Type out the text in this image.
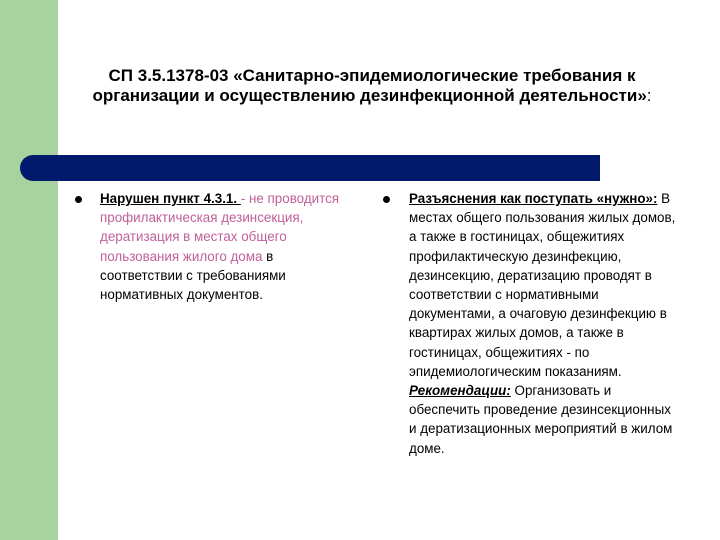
СП 3.5.1378-03 «Санитарно-эпидемиологические требования к организации и осуществлению дезинфекционной деятельности»:
Нарушен пункт 4.3.1. - не проводится профилактическая дезинсекция, дератизация в местах общего пользования жилого дома в соответствии с требованиями нормативных документов.
Разъяснения как поступать «нужно»: В местах общего пользования жилых домов, а также в гостиницах, общежитиях профилактическую дезинфекцию, дезинсекцию, дератизацию проводят в соответствии с нормативными документами, а очаговую дезинфекцию в квартирах жилых домов, а также в гостиницах, общежитиях - по эпидемиологическим показаниям. Рекомендации: Организовать и обеспечить проведение дезинсекционных и дератизационных мероприятий в жилом доме.
